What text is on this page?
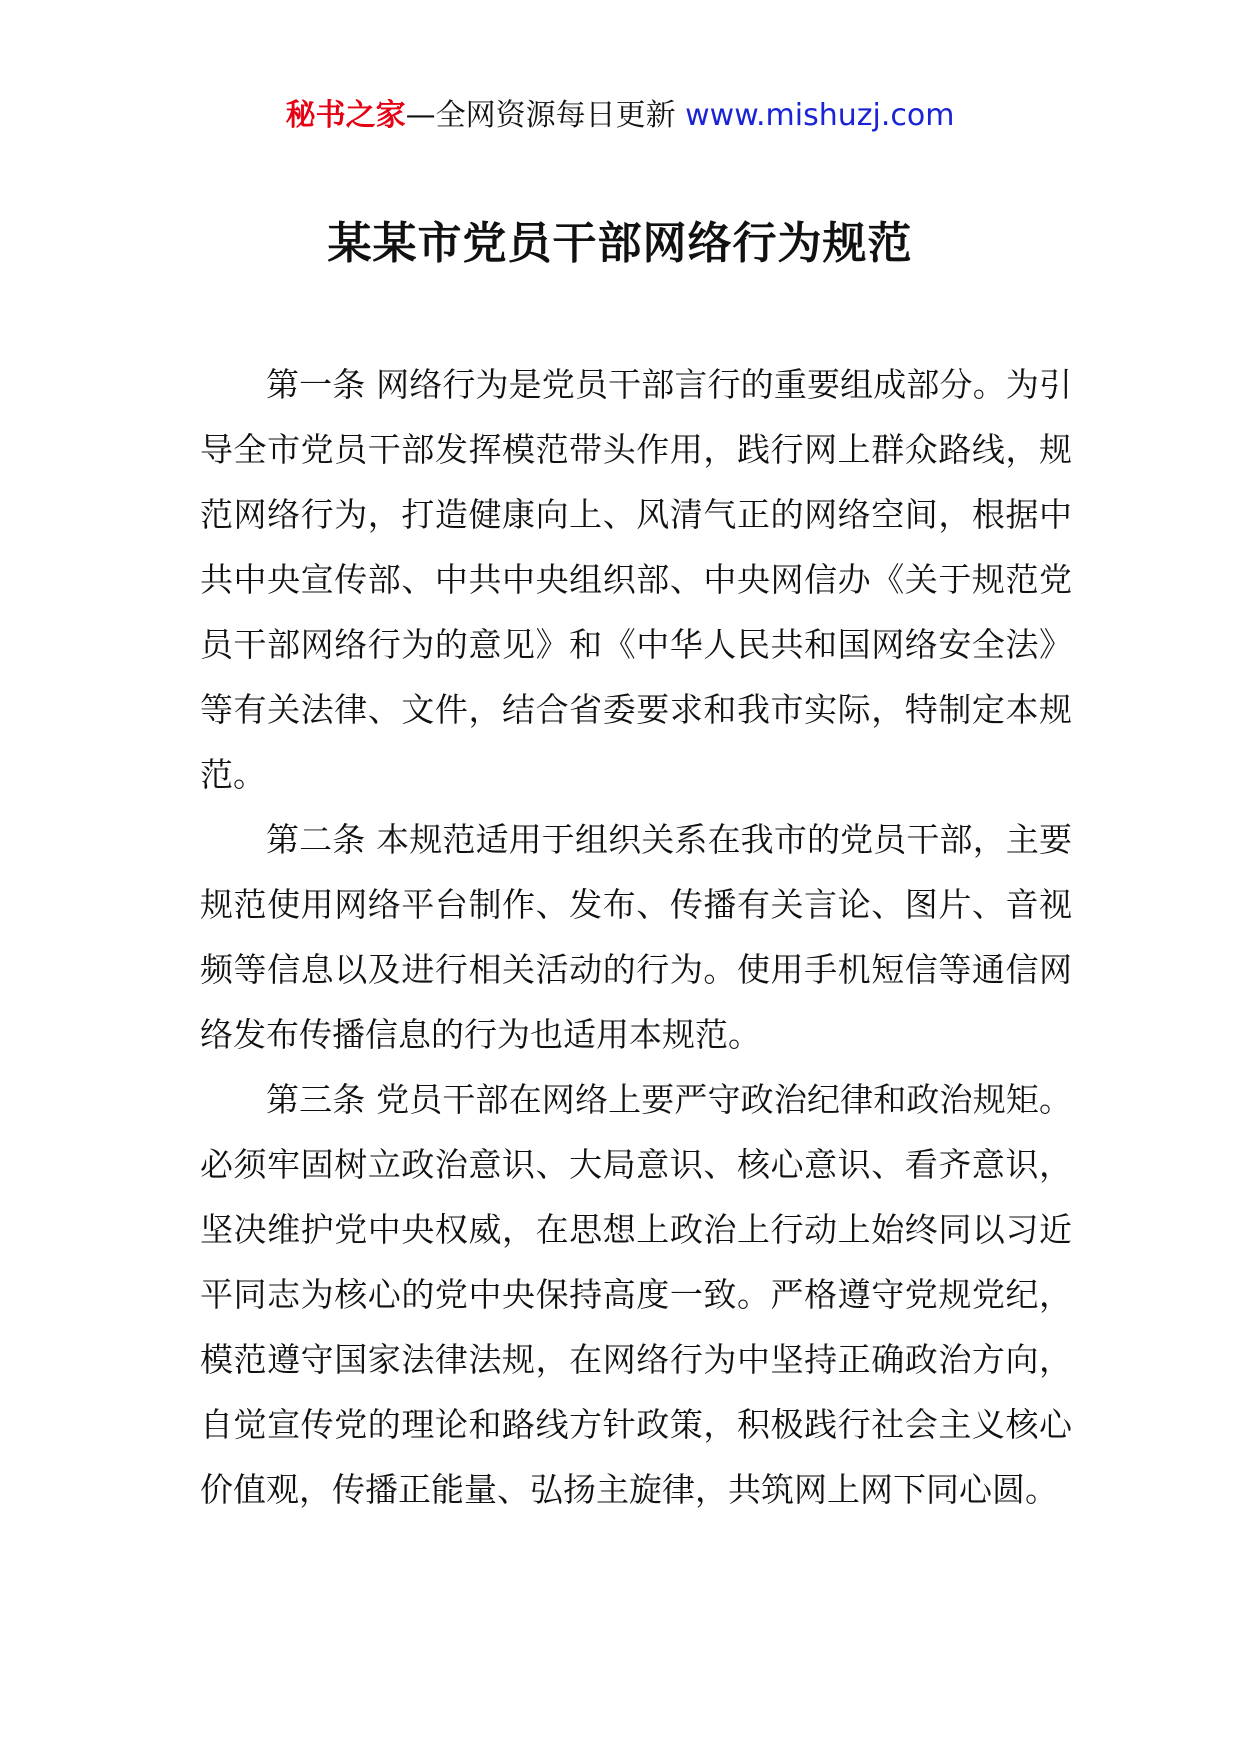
秘书之家—全网资源每日更新 www.mishuzj.com
某某市党员干部网络行为规范

第一条 网络行为是党员干部言行的重要组成部分。为引导全市党员干部发挥模范带头作用，践行网上群众路线，规范网络行为，打造健康向上、风清气正的网络空间，根据中共中央宣传部、中共中央组织部、中央网信办《关于规范党员干部网络行为的意见》和《中华人民共和国网络安全法》等有关法律、文件，结合省委要求和我市实际，特制定本规范。

第二条 本规范适用于组织关系在我市的党员干部，主要规范使用网络平台制作、发布、传播有关言论、图片、音视频等信息以及进行相关活动的行为。使用手机短信等通信网络发布传播信息的行为也适用本规范。

第三条 党员干部在网络上要严守政治纪律和政治规矩。必须牢固树立政治意识、大局意识、核心意识、看齐意识，坚决维护党中央权威，在思想上政治上行动上始终同以习近平同志为核心的党中央保持高度一致。严格遵守党规党纪，模范遵守国家法律法规，在网络行为中坚持正确政治方向，自觉宣传党的理论和路线方针政策，积极践行社会主义核心价值观，传播正能量、弘扬主旋律，共筑网上网下同心圆。
